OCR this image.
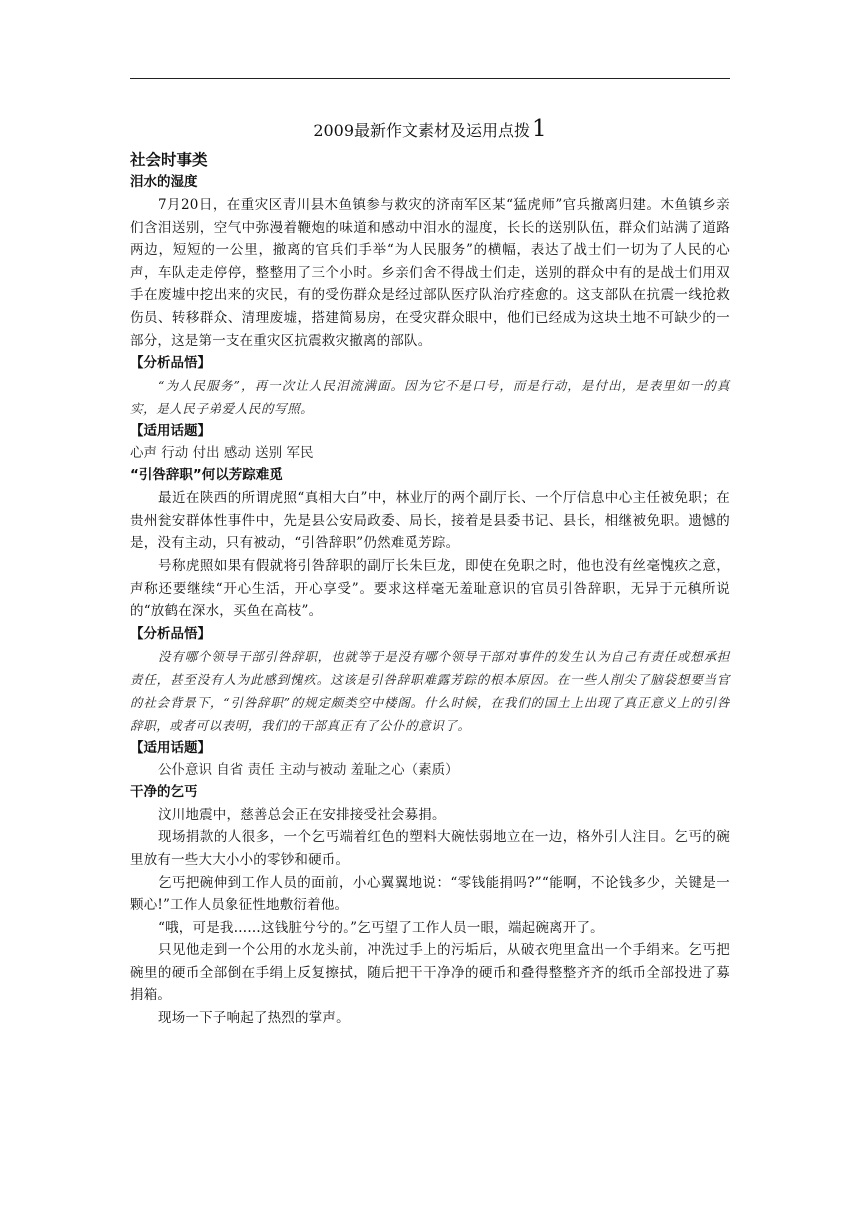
2009最新作文素材及运用点拨1

社会时事类

泪水的湿度

7月20日，在重灾区青川县木鱼镇参与救灾的济南军区某“猛虎师”官兵撤离归建。木鱼镇乡亲们含泪送别，空气中弥漫着鞭炮的味道和感动中泪水的湿度，长长的送别队伍，群众们站满了道路两边，短短的一公里，撤离的官兵们手举“为人民服务”的横幅，表达了战士们一切为了人民的心声，车队走走停停，整整用了三个小时。乡亲们舍不得战士们走，送别的群众中有的是战士们用双手在废墟中挖出来的灾民，有的受伤群众是经过部队医疗队治疗痊愈的。这支部队在抗震一线抢救伤员、转移群众、清理废墟，搭建简易房，在受灾群众眼中，他们已经成为这块土地不可缺少的一部分，这是第一支在重灾区抗震救灾撤离的部队。

【分析品悟】

“为人民服务”，再一次让人民泪流满面。因为它不是口号，而是行动，是付出，是表里如一的真实，是人民子弟爱人民的写照。

【适用话题】

心声 行动 付出 感动 送别 军民

“引咎辞职”何以芳踪难觅

最近在陕西的所谓虎照“真相大白”中，林业厅的两个副厅长、一个厅信息中心主任被免职；在贵州瓮安群体性事件中，先是县公安局政委、局长，接着是县委书记、县长，相继被免职。遗憾的是，没有主动，只有被动，“引咎辞职”仍然难觅芳踪。

号称虎照如果有假就将引咎辞职的副厅长朱巨龙，即使在免职之时，他也没有丝毫愧疚之意，声称还要继续“开心生活，开心享受”。要求这样毫无羞耻意识的官员引咎辞职，无异于元稹所说的“放鹤在深水，买鱼在高枝”。

【分析品悟】

没有哪个领导干部引咎辞职，也就等于是没有哪个领导干部对事件的发生认为自己有责任或想承担责任，甚至没有人为此感到愧疚。这该是引咎辞职难露芳踪的根本原因。在一些人削尖了脑袋想要当官的社会背景下，“引咎辞职”的规定颇类空中楼阁。什么时候，在我们的国土上出现了真正意义上的引咎辞职，或者可以表明，我们的干部真正有了公仆的意识了。

【适用话题】

公仆意识 自省 责任 主动与被动 羞耻之心（素质）

干净的乞丐

汶川地震中，慈善总会正在安排接受社会募捐。

现场捐款的人很多，一个乞丐端着红色的塑料大碗怯弱地立在一边，格外引人注目。乞丐的碗里放有一些大大小小的零钞和硬币。

乞丐把碗伸到工作人员的面前，小心翼翼地说：“零钱能捐吗?”“能啊，不论钱多少，关键是一颗心!”工作人员象征性地敷衍着他。

“哦，可是我……这钱脏兮兮的。”乞丐望了工作人员一眼，端起碗离开了。

只见他走到一个公用的水龙头前，冲洗过手上的污垢后，从破衣兜里盒出一个手绢来。乞丐把碗里的硬币全部倒在手绢上反复擦拭，随后把干干净净的硬币和叠得整整齐齐的纸币全部投进了募捐箱。

现场一下子响起了热烈的掌声。
